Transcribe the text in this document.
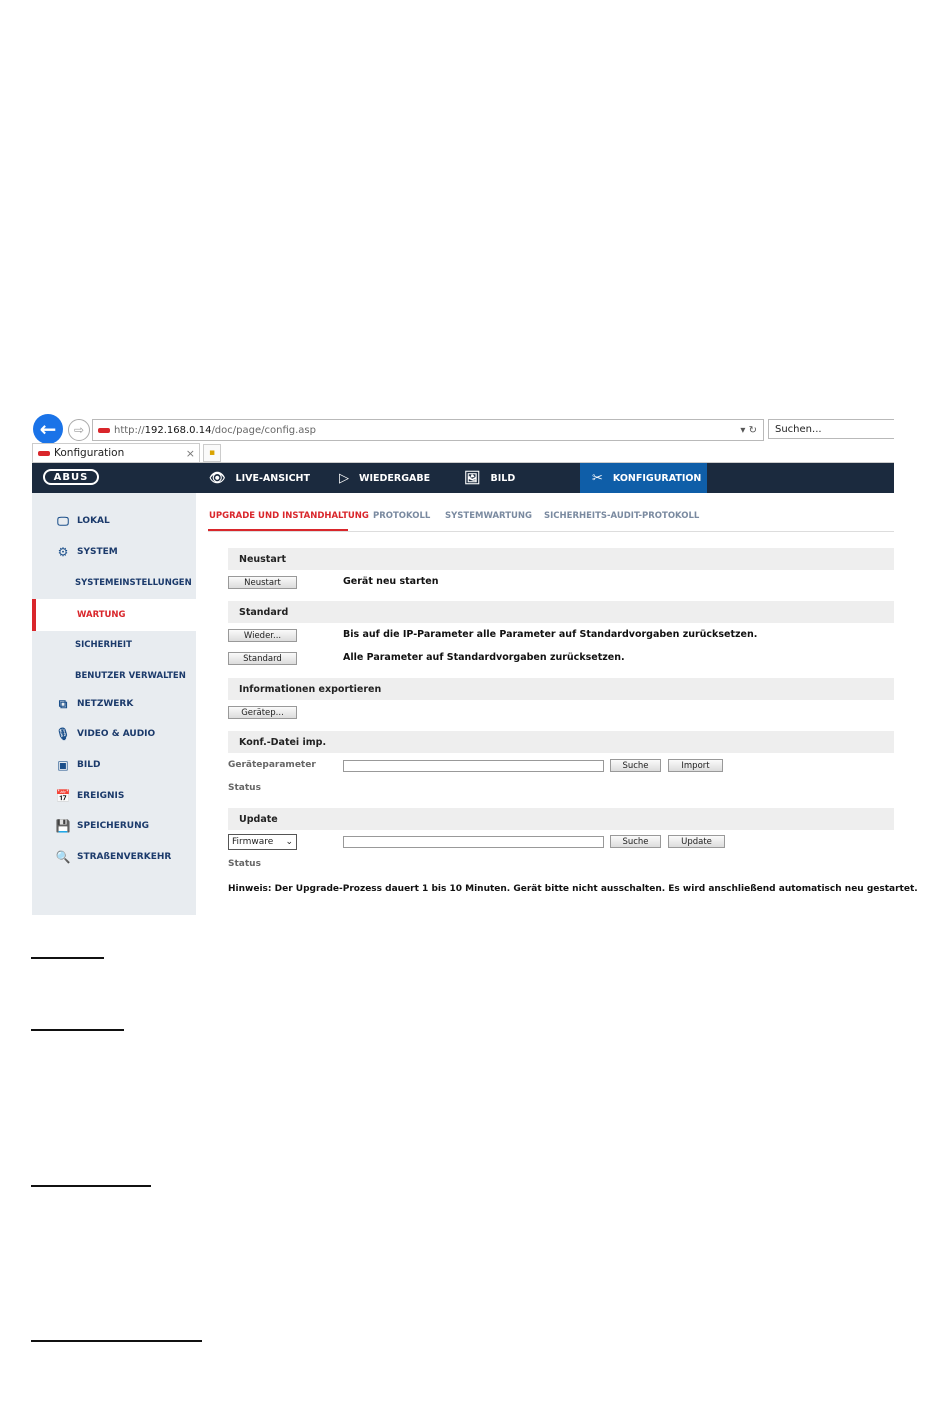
← ⇨	http:// 192.168.0.14 /doc/page/config.asp	▾ ↻	Suchen...
Konfiguration	× ▪
ABUS	👁 LIVE-ANSICHT ▷ WIEDERGABE	🖼 BILD	✂ KONFIGURATION
🖵 LOKAL
⚙ SYSTEM
SYSTEMEINSTELLUNGEN
WARTUNG
SICHERHEIT
BENUTZER VERWALTEN
⧉	NETZWERK
🎙 VIDEO & AUDIO
▣ BILD
📅 EREIGNIS
💾 SPEICHERUNG
🔍 STRAßENVERKEHR
UPGRADE UND INSTANDHALTUNG PROTOKOLL SYSTEMWARTUNG SICHERHEITS-AUDIT-PROTOKOLL
Neustart
Neustart	Gerät neu starten
Standard
Wieder...	Bis auf die IP-Parameter alle Parameter auf Standardvorgaben zurücksetzen.
Standard	Alle Parameter auf Standardvorgaben zurücksetzen.
Informationen exportieren
Gerätep...
Konf.-Datei imp.
Geräteparameter	Suche	Import
Status
Update
Firmware ⌄	Suche	Update
Status
Hinweis: Der Upgrade-Prozess dauert 1 bis 10 Minuten. Gerät bitte nicht ausschalten. Es wird anschließend automatisch neu gestartet.
